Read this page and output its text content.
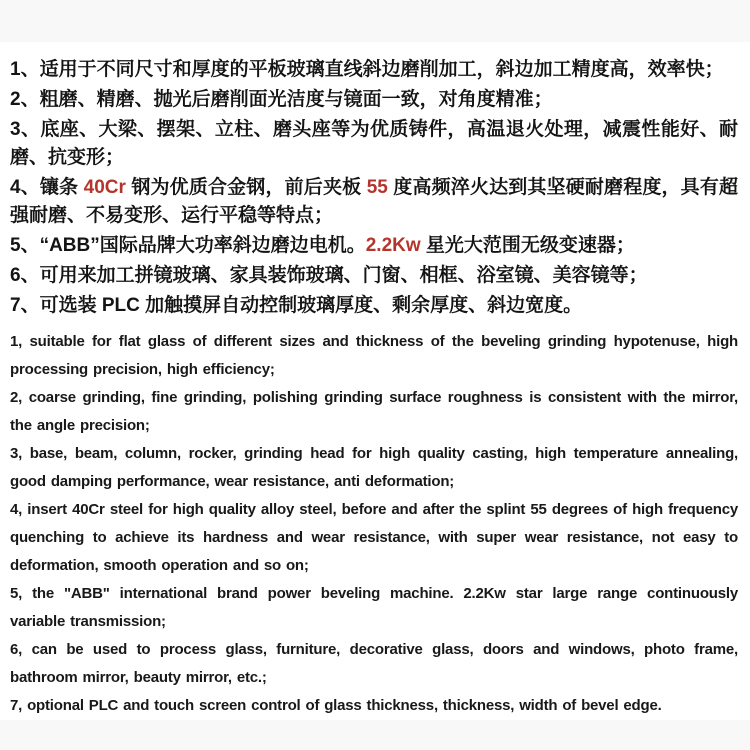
1、适用于不同尺寸和厚度的平板玻璃直线斜边磨削加工，斜边加工精度高，效率快；

2、粗磨、精磨、抛光后磨削面光洁度与镜面一致，对角度精准；

3、底座、大梁、摆架、立柱、磨头座等为优质铸件，高温退火处理，减震性能好、耐磨、抗变形；

4、镶条 40Cr 钢为优质合金钢，前后夹板 55 度高频淬火达到其坚硬耐磨程度，具有超强耐磨、不易变形、运行平稳等特点；

5、“ABB”国际品牌大功率斜边磨边电机。2.2Kw 星光大范围无级变速器；

6、可用来加工拼镜玻璃、家具装饰玻璃、门窗、相框、浴室镜、美容镜等；

7、可选装 PLC 加触摸屏自动控制玻璃厚度、剩余厚度、斜边宽度。

1, suitable for flat glass of different sizes and thickness of the beveling grinding hypotenuse, high processing precision, high efficiency;

2, coarse grinding, fine grinding, polishing grinding surface roughness is consistent with the mirror, the angle precision;

3, base, beam, column, rocker, grinding head for high quality casting, high temperature annealing, good damping performance, wear resistance, anti deformation;

4, insert 40Cr steel for high quality alloy steel, before and after the splint 55 degrees of high frequency quenching to achieve its hardness and wear resistance, with super wear resistance, not easy to deformation, smooth operation and so on;

5, the "ABB" international brand power beveling machine. 2.2Kw star large range continuously variable transmission;

6, can be used to process glass, furniture, decorative glass, doors and windows, photo frame, bathroom mirror, beauty mirror, etc.;

7, optional PLC and touch screen control of glass thickness, thickness, width of bevel edge.
